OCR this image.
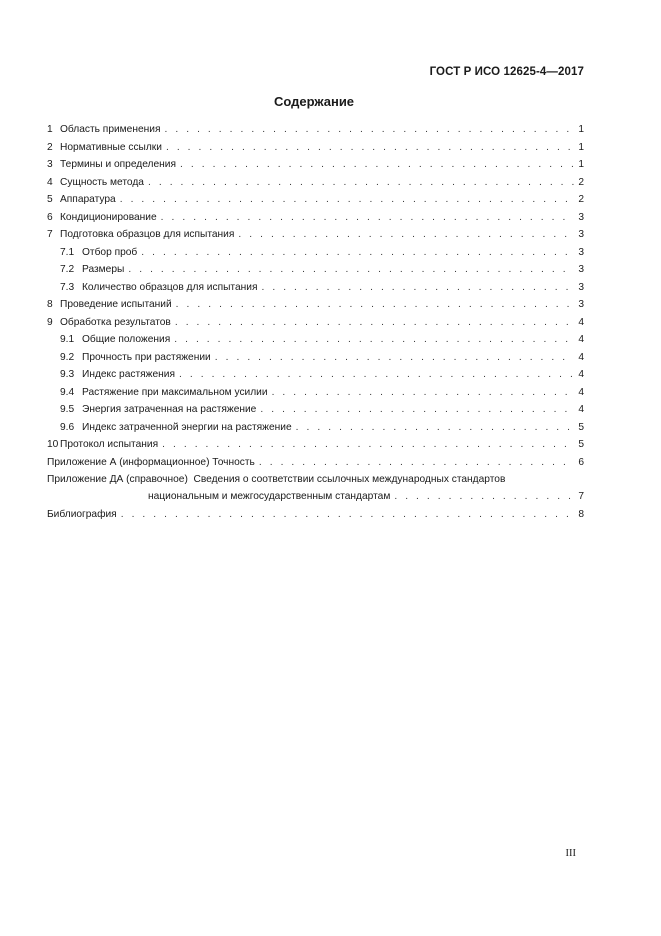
ГОСТ Р ИСО 12625-4—2017
Содержание
1 Область применения . . .	1
2 Нормативные ссылки . . .	1
3 Термины и определения . . .	1
4 Сущность метода . . .	2
5 Аппаратура . . .	2
6 Кондиционирование . . .	3
7 Подготовка образцов для испытания . . .	3
7.1 Отбор проб . . .	3
7.2 Размеры . . .	3
7.3 Количество образцов для испытания . . .	3
8 Проведение испытаний . . .	3
9 Обработка результатов . . .	4
9.1 Общие положения . . .	4
9.2 Прочность при растяжении . . .	4
9.3 Индекс растяжения . . .	4
9.4 Растяжение при максимальном усилии . . .	4
9.5 Энергия затраченная на растяжение . . .	4
9.6 Индекс затраченной энергии на растяжение . . .	5
10 Протокол испытания . . .	5
Приложение А (информационное) Точность . . .	6
Приложение ДА (справочное) Сведения о соответствии ссылочных международных стандартов
национальным и межгосударственным стандартам . . .	7
Библиография . . .	8
III
